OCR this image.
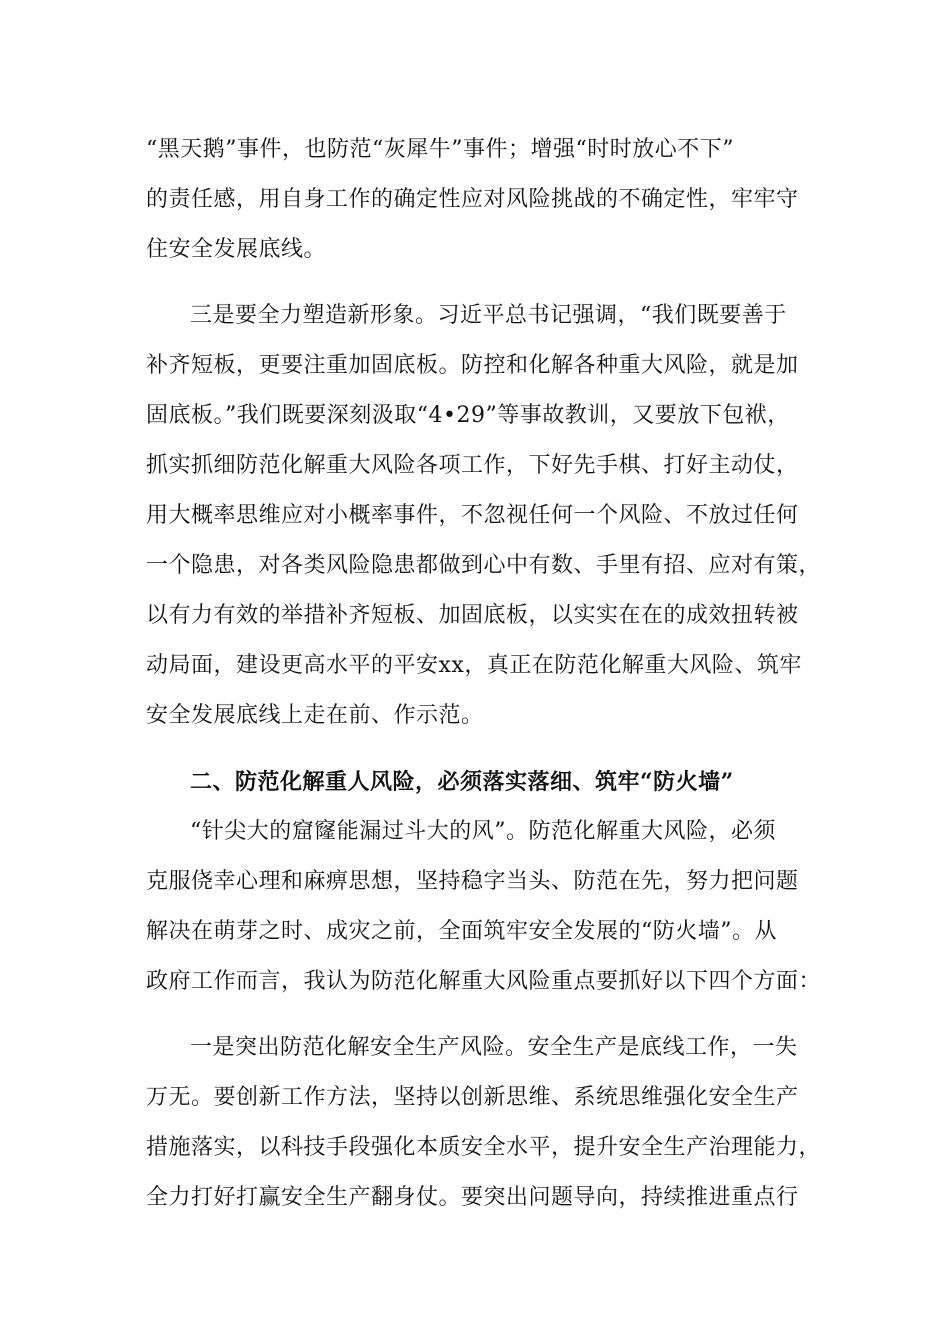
“黑天鹅”事件，也防范“灰犀牛”事件；增强“时时放心不下”
的责任感，用自身工作的确定性应对风险挑战的不确定性，牢牢守
住安全发展底线。
三是要全力塑造新形象。习近平总书记强调，“我们既要善于
补齐短板，更要注重加固底板。防控和化解各种重大风险，就是加
固底板。”我们既要深刻汲取“4•29”等事故教训，又要放下包袱，
抓实抓细防范化解重大风险各项工作，下好先手棋、打好主动仗，
用大概率思维应对小概率事件，不忽视任何一个风险、不放过任何
一个隐患，对各类风险隐患都做到心中有数、手里有招、应对有策，
以有力有效的举措补齐短板、加固底板，以实实在在的成效扭转被
动局面，建设更高水平的平安xx，真正在防范化解重大风险、筑牢
安全发展底线上走在前、作示范。
二、防范化解重人风险，必须落实落细、筑牢“防火墙”
“针尖大的窟窿能漏过斗大的风”。防范化解重大风险，必须
克服侥幸心理和麻痹思想，坚持稳字当头、防范在先，努力把问题
解决在萌芽之时、成灾之前，全面筑牢安全发展的“防火墙”。从
政府工作而言，我认为防范化解重大风险重点要抓好以下四个方面：
一是突出防范化解安全生产风险。安全生产是底线工作，一失
万无。要创新工作方法，坚持以创新思维、系统思维强化安全生产
措施落实，以科技手段强化本质安全水平，提升安全生产治理能力，
全力打好打赢安全生产翻身仗。要突出问题导向，持续推进重点行
